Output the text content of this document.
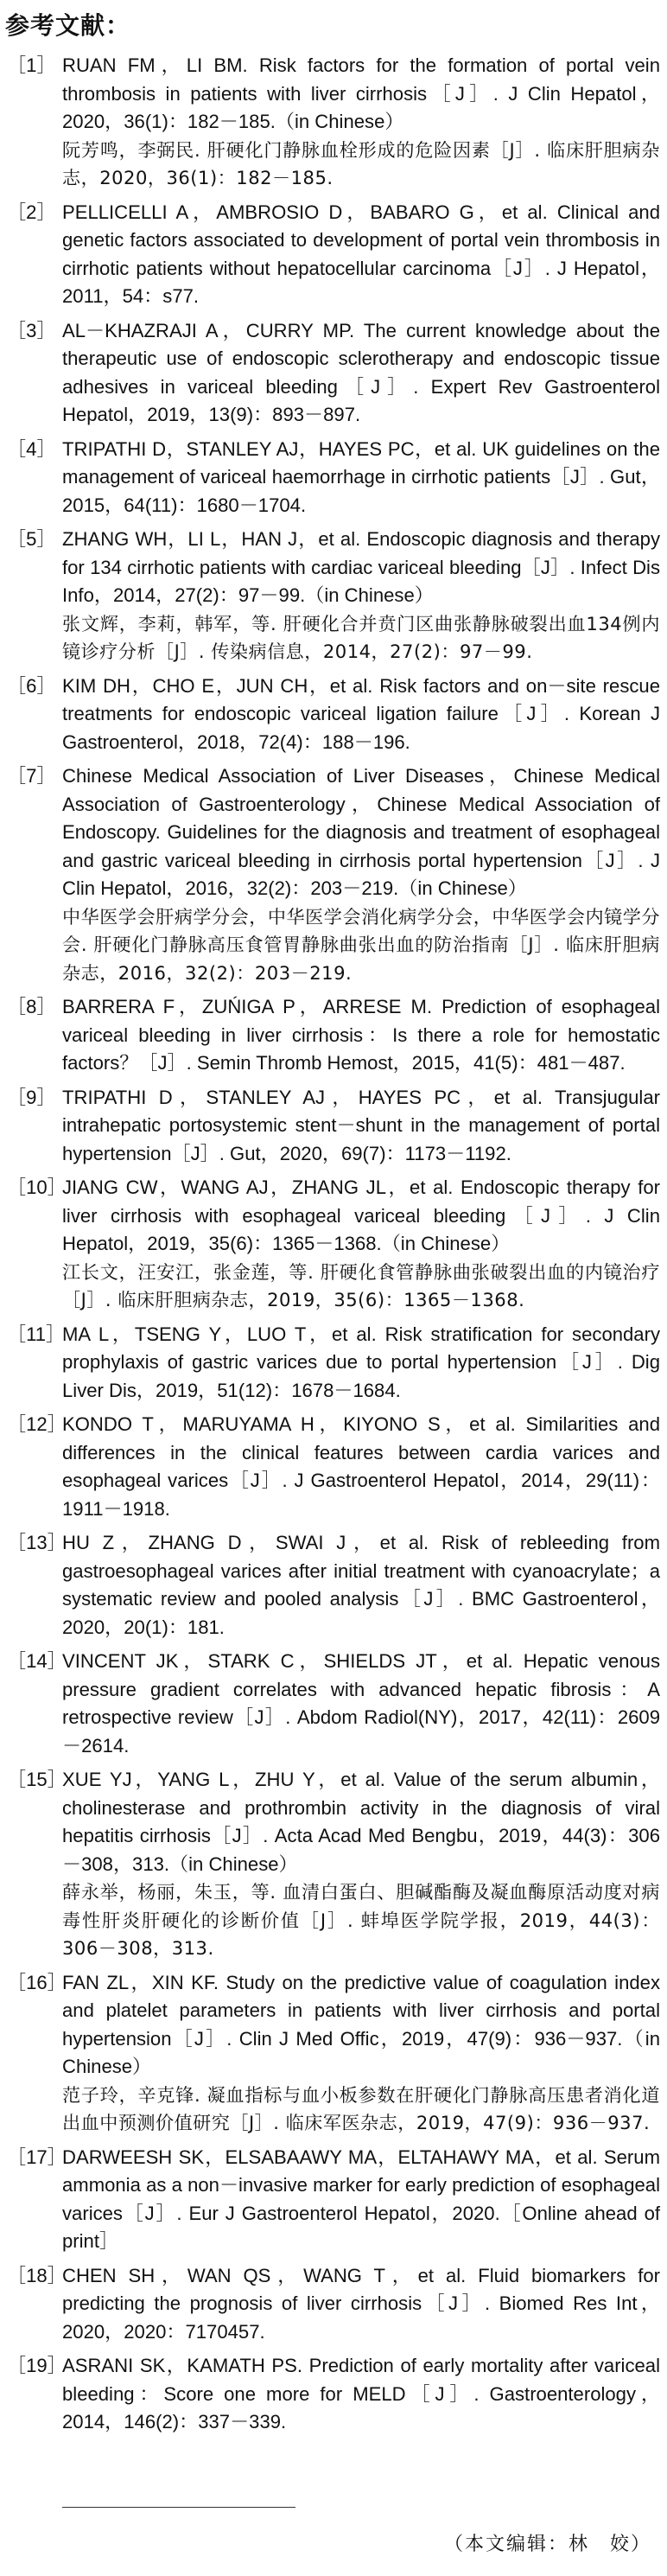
参考文献：
［1］ RUAN FM，LI BM. Risk factors for the formation of portal vein thrombosis in patients with liver cirrhosis［J］. J Clin Hepatol，2020，36(1)：182－185.（in Chinese）
阮芳鸣，李弼民. 肝硬化门静脉血栓形成的危险因素［J］. 临床肝胆病杂志，2020，36(1)：182－185.
［2］ PELLICELLI A，AMBROSIO D，BABARO G，et al. Clinical and genetic factors associated to development of portal vein thrombosis in cirrhotic patients without hepatocellular carcinoma［J］. J Hepatol，2011，54：s77.
［3］ AL－KHAZRAJI A，CURRY MP. The current knowledge about the therapeutic use of endoscopic sclerotherapy and endoscopic tissue adhesives in variceal bleeding［J］. Expert Rev Gastroenterol Hepatol，2019，13(9)：893－897.
［4］ TRIPATHI D，STANLEY AJ，HAYES PC，et al. UK guidelines on the management of variceal haemorrhage in cirrhotic patients［J］. Gut，2015，64(11)：1680－1704.
［5］ ZHANG WH，LI L，HAN J，et al. Endoscopic diagnosis and therapy for 134 cirrhotic patients with cardiac variceal bleeding［J］. Infect Dis Info，2014，27(2)：97－99.（in Chinese）
张文辉，李莉，韩军，等. 肝硬化合并贲门区曲张静脉破裂出血134例内镜诊疗分析［J］. 传染病信息，2014，27(2)：97－99.
［6］ KIM DH，CHO E，JUN CH，et al. Risk factors and on－site rescue treatments for endoscopic variceal ligation failure［J］. Korean J Gastroenterol，2018，72(4)：188－196.
［7］ Chinese Medical Association of Liver Diseases，Chinese Medical Association of Gastroenterology，Chinese Medical Association of Endoscopy. Guidelines for the diagnosis and treatment of esophageal and gastric variceal bleeding in cirrhosis portal hypertension［J］. J Clin Hepatol，2016，32(2)：203－219.（in Chinese）
中华医学会肝病学分会，中华医学会消化病学分会，中华医学会内镜学分会. 肝硬化门静脉高压食管胃静脉曲张出血的防治指南［J］. 临床肝胆病杂志，2016，32(2)：203－219.
［8］ BARRERA F，ZUŃIGA P，ARRESE M. Prediction of esophageal variceal bleeding in liver cirrhosis：Is there a role for hemostatic factors？［J］. Semin Thromb Hemost，2015，41(5)：481－487.
［9］ TRIPATHI D，STANLEY AJ，HAYES PC，et al. Transjugular intrahepatic portosystemic stent－shunt in the management of portal hypertension［J］. Gut，2020，69(7)：1173－1192.
［10］
JIANG CW，WANG AJ，ZHANG JL，et al. Endoscopic therapy for liver cirrhosis with esophageal variceal bleeding［J］. J Clin Hepatol，2019，35(6)：1365－1368.（in Chinese）
江长文，汪安江，张金莲，等. 肝硬化食管静脉曲张破裂出血的内镜治疗［J］. 临床肝胆病杂志，2019，35(6)：1365－1368.
［11］
MA L，TSENG Y，LUO T，et al. Risk stratification for secondary prophylaxis of gastric varices due to portal hypertension［J］. Dig Liver Dis，2019，51(12)：1678－1684.
［12］
KONDO T，MARUYAMA H，KIYONO S，et al. Similarities and differences in the clinical features between cardia varices and esophageal varices［J］. J Gastroenterol Hepatol，2014，29(11)：1911－1918.
［13］
HU Z，ZHANG D，SWAI J，et al. Risk of rebleeding from gastroesophageal varices after initial treatment with cyanoacrylate；a systematic review and pooled analysis［J］. BMC Gastroenterol，2020，20(1)：181.
［14］
VINCENT JK，STARK C，SHIELDS JT，et al. Hepatic venous pressure gradient correlates with advanced hepatic fibrosis：A retrospective review［J］. Abdom Radiol(NY)，2017，42(11)：2609－2614.
［15］
XUE YJ，YANG L，ZHU Y，et al. Value of the serum albumin，cholinesterase and prothrombin activity in the diagnosis of viral hepatitis cirrhosis［J］. Acta Acad Med Bengbu，2019，44(3)：306－308，313.（in Chinese）
薛永举，杨丽，朱玉，等. 血清白蛋白、胆碱酯酶及凝血酶原活动度对病毒性肝炎肝硬化的诊断价值［J］. 蚌埠医学院学报，2019，44(3)：306－308，313.
［16］
FAN ZL，XIN KF. Study on the predictive value of coagulation index and platelet parameters in patients with liver cirrhosis and portal hypertension［J］. Clin J Med Offic，2019，47(9)：936－937.（in Chinese）
范子玲，辛克锋. 凝血指标与血小板参数在肝硬化门静脉高压患者消化道出血中预测价值研究［J］. 临床军医杂志，2019，47(9)：936－937.
［17］
DARWEESH SK，ELSABAAWY MA，ELTAHAWY MA，et al. Serum ammonia as a non－invasive marker for early prediction of esophageal varices［J］. Eur J Gastroenterol Hepatol，2020.［Online ahead of print］
［18］
CHEN SH，WAN QS，WANG T，et al. Fluid biomarkers for predicting the prognosis of liver cirrhosis［J］. Biomed Res Int，2020，2020：7170457.
［19］
ASRANI SK，KAMATH PS. Prediction of early mortality after variceal bleeding：Score one more for MELD［J］. Gastroenterology，2014，146(2)：337－339.
（本文编辑：林　姣）
